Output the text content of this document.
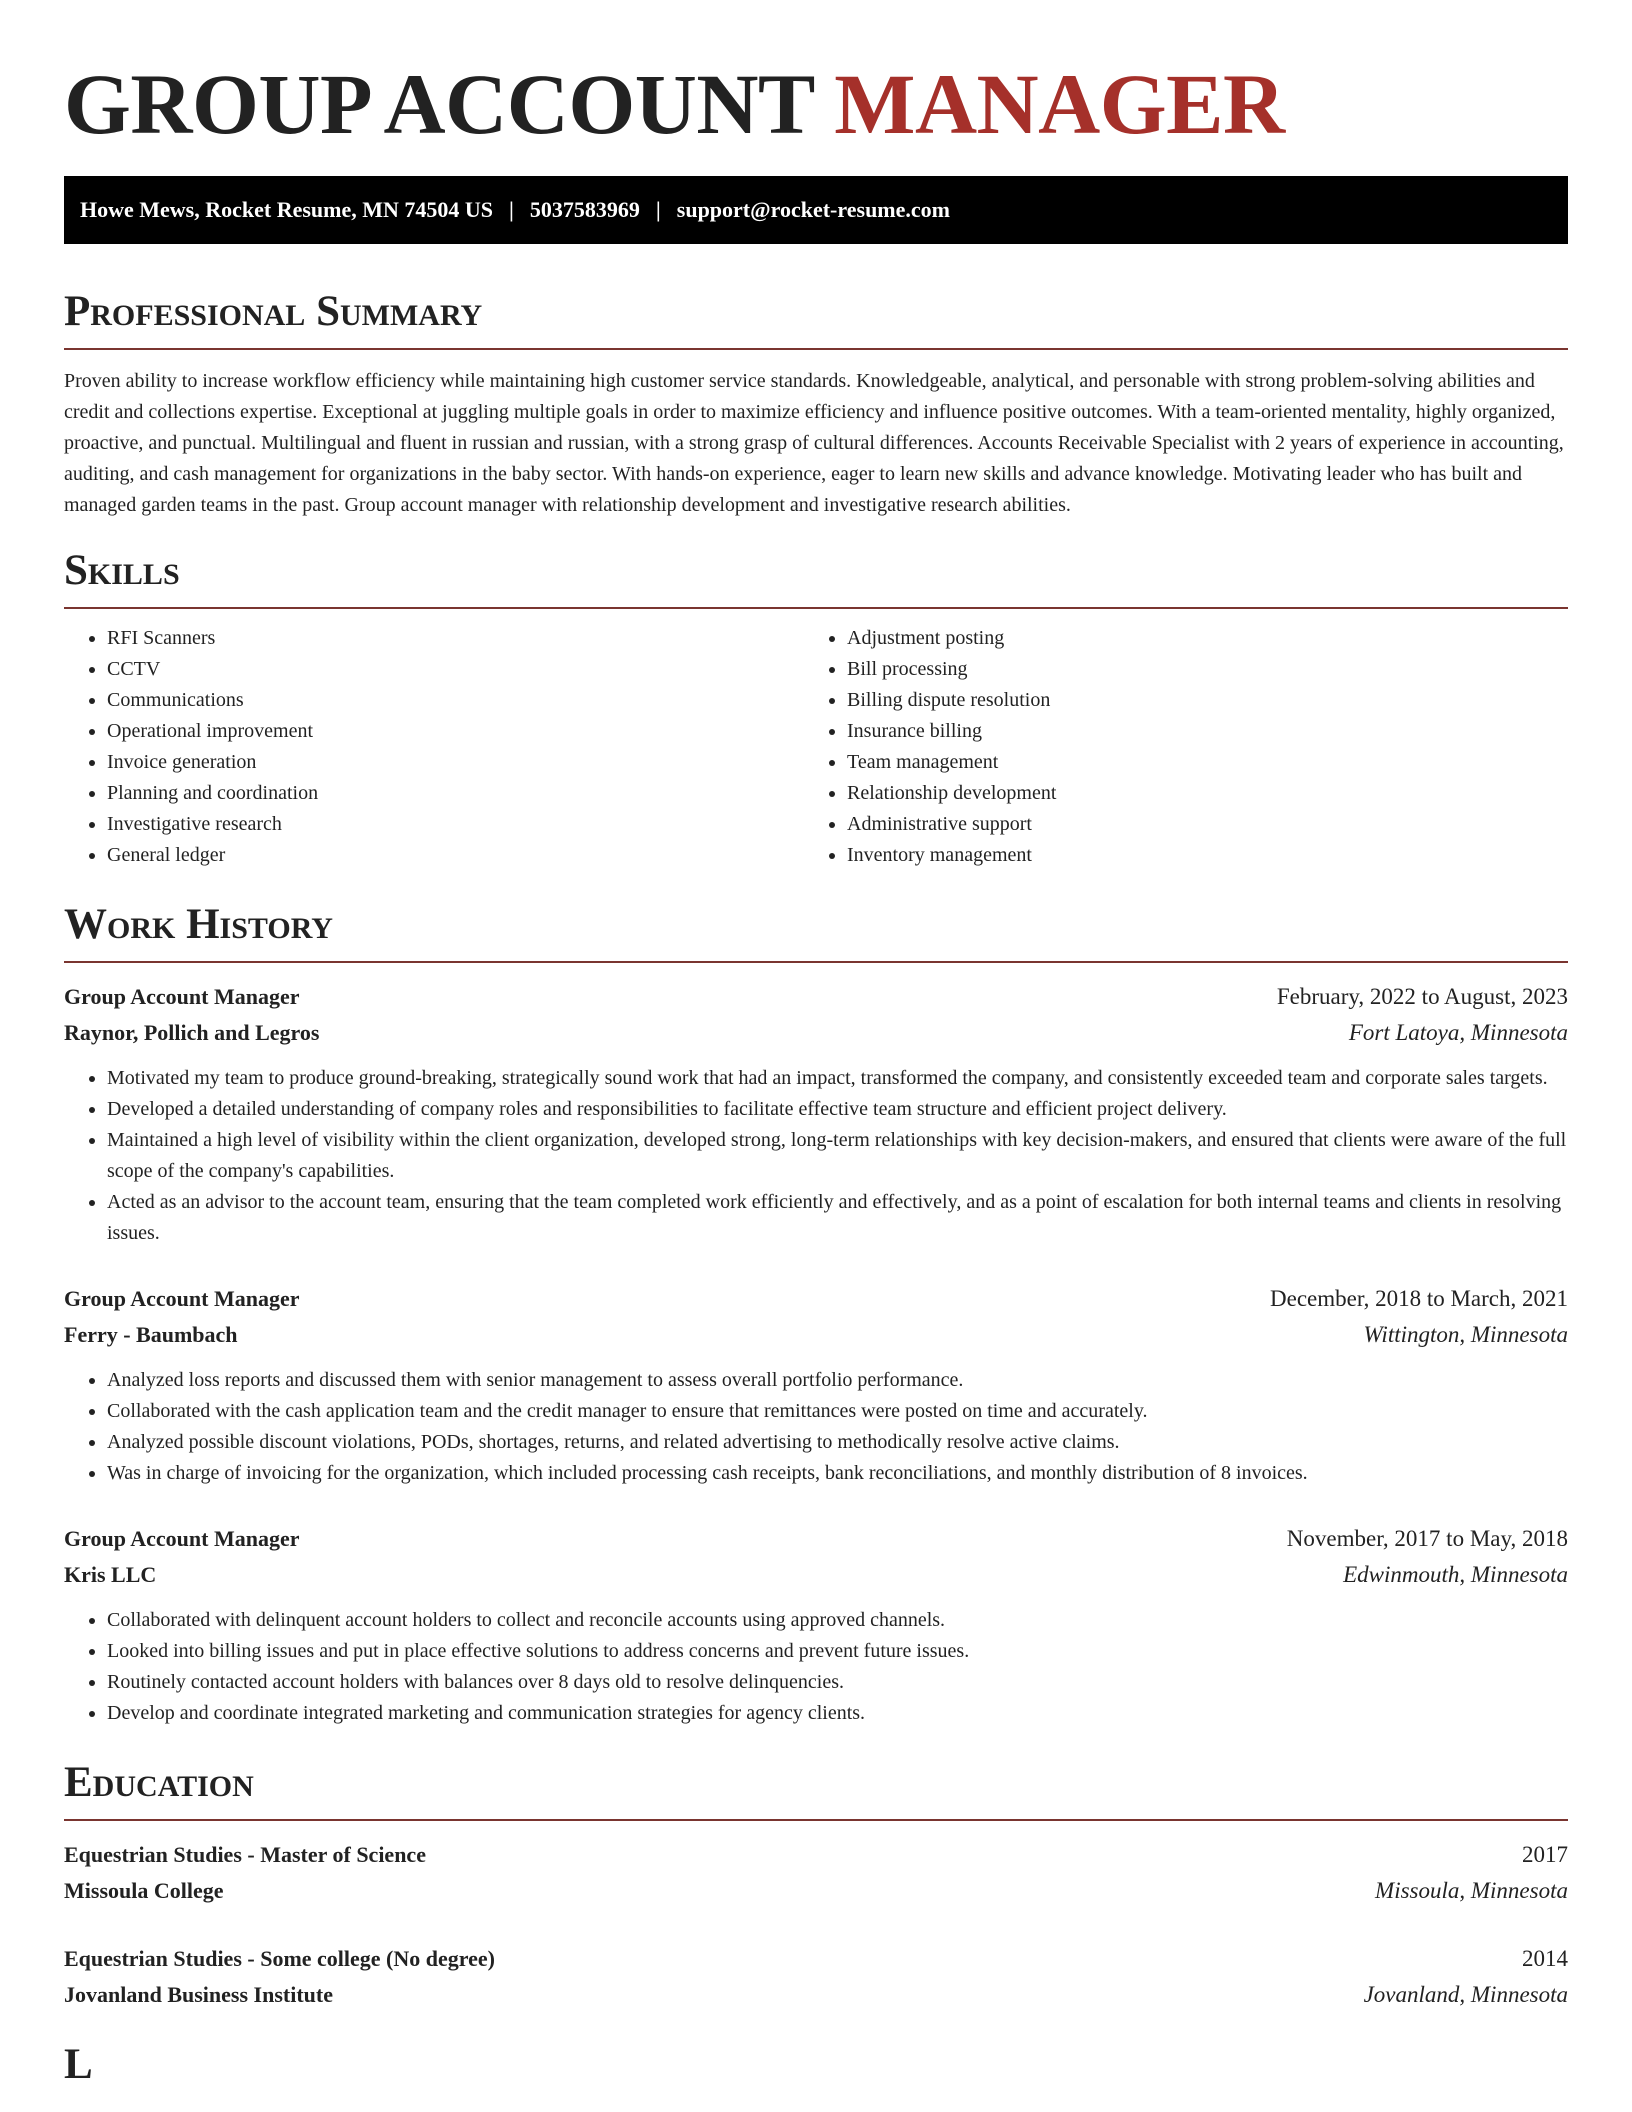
GROUP ACCOUNT MANAGER
Howe Mews, Rocket Resume, MN 74504 US | 5037583969 | support@rocket-resume.com
Professional Summary

Proven ability to increase workflow efficiency while maintaining high customer service standards. Knowledgeable, analytical, and personable with strong problem-solving abilities and credit and collections expertise. Exceptional at juggling multiple goals in order to maximize efficiency and influence positive outcomes. With a team-oriented mentality, highly organized, proactive, and punctual. Multilingual and fluent in russian and russian, with a strong grasp of cultural differences. Accounts Receivable Specialist with 2 years of experience in accounting, auditing, and cash management for organizations in the baby sector. With hands-on experience, eager to learn new skills and advance knowledge. Motivating leader who has built and managed garden teams in the past. Group account manager with relationship development and investigative research abilities.

Skills
• RFI Scanners
• CCTV
• Communications
• Operational improvement
• Invoice generation
• Planning and coordination
• Investigative research
• General ledger
• Adjustment posting
• Bill processing
• Billing dispute resolution
• Insurance billing
• Team management
• Relationship development
• Administrative support
• Inventory management
Work History
Group Account Manager	February, 2022 to August, 2023
Raynor, Pollich and Legros	Fort Latoya, Minnesota
• Motivated my team to produce ground-breaking, strategically sound work that had an impact, transformed the company, and consistently exceeded team and corporate sales targets.
• Developed a detailed understanding of company roles and responsibilities to facilitate effective team structure and efficient project delivery.
• Maintained a high level of visibility within the client organization, developed strong, long-term relationships with key decision-makers, and ensured that clients were aware of the full scope of the company's capabilities.
• Acted as an advisor to the account team, ensuring that the team completed work efficiently and effectively, and as a point of escalation for both internal teams and clients in resolving issues.
Group Account Manager	December, 2018 to March, 2021
Ferry - Baumbach	Wittington, Minnesota
• Analyzed loss reports and discussed them with senior management to assess overall portfolio performance.
• Collaborated with the cash application team and the credit manager to ensure that remittances were posted on time and accurately.
• Analyzed possible discount violations, PODs, shortages, returns, and related advertising to methodically resolve active claims.
• Was in charge of invoicing for the organization, which included processing cash receipts, bank reconciliations, and monthly distribution of 8 invoices.
Group Account Manager	November, 2017 to May, 2018
Kris LLC	Edwinmouth, Minnesota
• Collaborated with delinquent account holders to collect and reconcile accounts using approved channels.
• Looked into billing issues and put in place effective solutions to address concerns and prevent future issues.
• Routinely contacted account holders with balances over 8 days old to resolve delinquencies.
• Develop and coordinate integrated marketing and communication strategies for agency clients.
Education
Equestrian Studies - Master of Science	2017
Missoula College	Missoula, Minnesota
Equestrian Studies - Some college (No degree)	2014
Jovanland Business Institute	Jovanland, Minnesota
L
